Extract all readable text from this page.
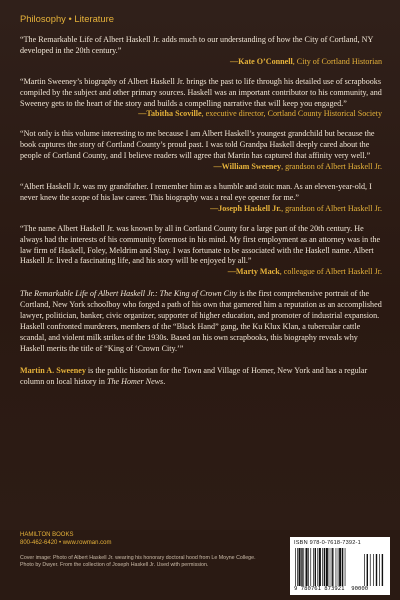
Philosophy • Literature
“The Remarkable Life of Albert Haskell Jr. adds much to our understanding of how the City of Cortland, NY developed in the 20th century.”
—Kate O’Connell, City of Cortland Historian
“Martin Sweeney’s biography of Albert Haskell Jr. brings the past to life through his detailed use of scrapbooks compiled by the subject and other primary sources. Haskell was an important contributor to his community, and Sweeney gets to the heart of the story and builds a compelling narrative that will keep you engaged.”
—Tabitha Scoville, executive director, Cortland County Historical Society
“Not only is this volume interesting to me because I am Albert Haskell’s youngest grandchild but because the book captures the story of Cortland County’s proud past. I was told Grandpa Haskell deeply cared about the people of Cortland County, and I believe readers will agree that Martin has captured that affinity very well.”
—William Sweeney, grandson of Albert Haskell Jr.
“Albert Haskell Jr. was my grandfather. I remember him as a humble and stoic man. As an eleven-year-old, I never knew the scope of his law career. This biography was a real eye opener for me.”
—Joseph Haskell Jr., grandson of Albert Haskell Jr.
“The name Albert Haskell Jr. was known by all in Cortland County for a large part of the 20th century. He always had the interests of his community foremost in his mind. My first employment as an attorney was in the law firm of Haskell, Foley, Meldrim and Shay. I was fortunate to be associated with the Haskell name. Albert Haskell Jr. lived a fascinating life, and his story will be enjoyed by all.”
—Marty Mack, colleague of Albert Haskell Jr.

The Remarkable Life of Albert Haskell Jr.: The King of Crown City is the first comprehensive portrait of the Cortland, New York schoolboy who forged a path of his own that garnered him a reputation as an accomplished lawyer, politician, banker, civic organizer, supporter of higher education, and promoter of industrial expansion. Haskell confronted murderers, members of the “Black Hand” gang, the Ku Klux Klan, a tubercular cattle scandal, and violent milk strikes of the 1930s. Based on his own scrapbooks, this biography reveals why Haskell merits the title of “King of ‘Crown City.’”

Martin A. Sweeney is the public historian for the Town and Village of Homer, New York and has a regular column on local history in The Homer News.

HAMILTON BOOKS
800-462-6420 • www.rowman.com
Cover image: Photo of Albert Haskell Jr. wearing his honorary doctoral hood from Le Moyne College. Photo by Dwyer. From the collection of Joseph Haskell Jr. Used with permission.
ISBN 978-0-7618-7392-1
9 780761 873921 90000
